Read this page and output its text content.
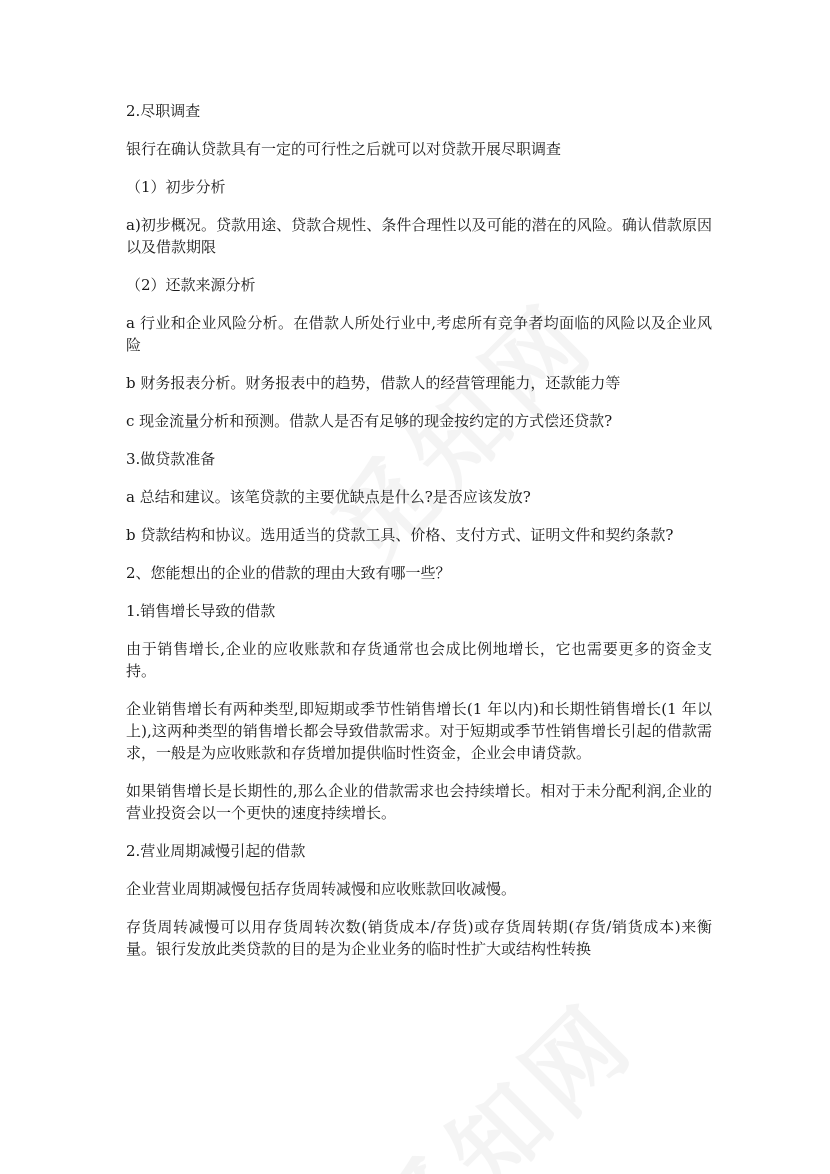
2.尽职调查

银行在确认贷款具有一定的可行性之后就可以对贷款开展尽职调查

（1）初步分析

a)初步概况。贷款用途、贷款合规性、条件合理性以及可能的潜在的风险。确认借款原因以及借款期限

（2）还款来源分析

a 行业和企业风险分析。在借款人所处行业中,考虑所有竞争者均面临的风险以及企业风险

b 财务报表分析。财务报表中的趋势，借款人的经营管理能力，还款能力等

c 现金流量分析和预测。借款人是否有足够的现金按约定的方式偿还贷款?

3.做贷款准备

a 总结和建议。该笔贷款的主要优缺点是什么?是否应该发放?

b 贷款结构和协议。选用适当的贷款工具、价格、支付方式、证明文件和契约条款?

2、您能想出的企业的借款的理由大致有哪一些？

1.销售增长导致的借款

由于销售增长,企业的应收账款和存货通常也会成比例地增长，它也需要更多的资金支持。

企业销售增长有两种类型,即短期或季节性销售增长(1 年以内)和长期性销售增长(1 年以上),这两种类型的销售增长都会导致借款需求。对于短期或季节性销售增长引起的借款需求，一般是为应收账款和存货增加提供临时性资金，企业会申请贷款。

如果销售增长是长期性的,那么企业的借款需求也会持续增长。相对于未分配利润,企业的营业投资会以一个更快的速度持续增长。

2.营业周期减慢引起的借款

企业营业周期减慢包括存货周转减慢和应收账款回收减慢。

存货周转减慢可以用存货周转次数(销货成本/存货)或存货周转期(存货/销货成本)来衡量。银行发放此类贷款的目的是为企业业务的临时性扩大或结构性转换
